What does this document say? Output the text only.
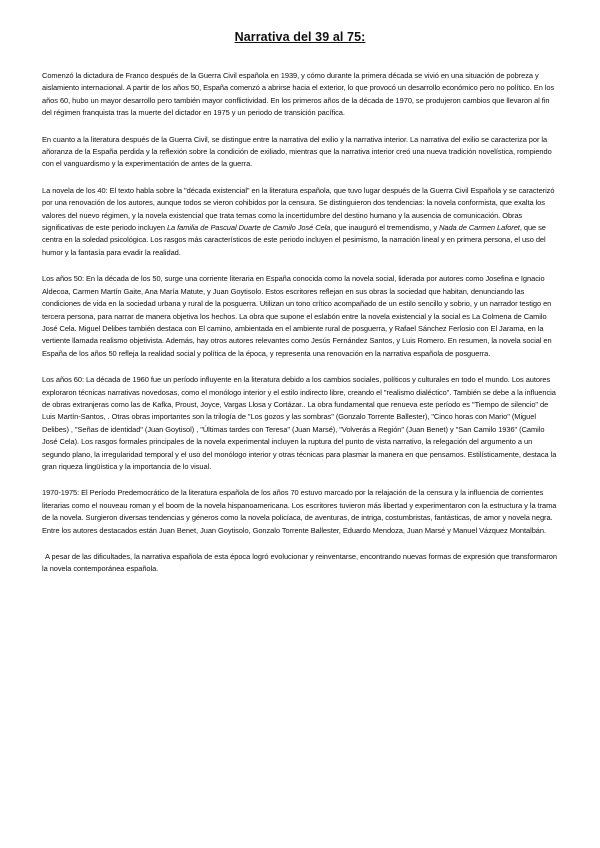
Narrativa del 39 al 75:

Comenzó la dictadura de Franco después de la Guerra Civil española en 1939, y cómo durante la primera década se vivió en una situación de pobreza y aislamiento internacional. A partir de los años 50, España comenzó a abrirse hacia el exterior, lo que provocó un desarrollo económico pero no político. En los años 60, hubo un mayor desarrollo pero también mayor conflictividad. En los primeros años de la década de 1970, se produjeron cambios que llevaron al fin del régimen franquista tras la muerte del dictador en 1975 y un periodo de transición pacífica.

En cuanto a la literatura después de la Guerra Civil, se distingue entre la narrativa del exilio y la narrativa interior. La narrativa del exilio se caracteriza por la añoranza de la España perdida y la reflexión sobre la condición de exiliado, mientras que la narrativa interior creó una nueva tradición novelística, rompiendo con el vanguardismo y la experimentación de antes de la guerra.

La novela de los 40: El texto habla sobre la "década existencial" en la literatura española, que tuvo lugar después de la Guerra Civil Española y se caracterizó por una renovación de los autores, aunque todos se vieron cohibidos por la censura. Se distinguieron dos tendencias: la novela conformista, que exalta los valores del nuevo régimen, y la novela existencial que trata temas como la incertidumbre del destino humano y la ausencia de comunicación. Obras significativas de este periodo incluyen La familia de Pascual Duarte de Camilo José Cela, que inauguró el tremendismo, y Nada de Carmen Laforet, que se centra en la soledad psicológica. Los rasgos más característicos de este periodo incluyen el pesimismo, la narración lineal y en primera persona, el uso del humor y la fantasía para evadir la realidad.

Los años 50: En la década de los 50, surge una corriente literaria en España conocida como la novela social, liderada por autores como Josefina e Ignacio Aldecoa, Carmen Martín Gaite, Ana María Matute, y Juan Goytisolo. Estos escritores reflejan en sus obras la sociedad que habitan, denunciando las condiciones de vida en la sociedad urbana y rural de la posguerra. Utilizan un tono crítico acompañado de un estilo sencillo y sobrio, y un narrador testigo en tercera persona, para narrar de manera objetiva los hechos. La obra que supone el eslabón entre la novela existencial y la social es La Colmena de Camilo José Cela. Miguel Delibes también destaca con El camino, ambientada en el ambiente rural de posguerra, y Rafael Sánchez Ferlosio con El Jarama, en la vertiente llamada realismo objetivista. Además, hay otros autores relevantes como Jesús Fernández Santos, y Luis Romero. En resumen, la novela social en España de los años 50 refleja la realidad social y política de la época, y representa una renovación en la narrativa española de posguerra.

Los años 60: La década de 1960 fue un período influyente en la literatura debido a los cambios sociales, políticos y culturales en todo el mundo. Los autores exploraron técnicas narrativas novedosas, como el monólogo interior y el estilo indirecto libre, creando el "realismo dialéctico". También se debe a la influencia de obras extranjeras como las de Kafka, Proust, Joyce, Vargas Llosa y Cortázar.. La obra fundamental que renueva este período es "Tiempo de silencio" de Luis Martín-Santos, . Otras obras importantes son la trilogía de "Los gozos y las sombras" (Gonzalo Torrente Ballester), "Cinco horas con Mario" (Miguel Delibes) , "Señas de identidad" (Juan Goytisol) , "Últimas tardes con Teresa" (Juan Marsé), "Volverás a Región" (Juan Benet) y "San Camilo 1936" (Camilo José Cela). Los rasgos formales principales de la novela experimental incluyen la ruptura del punto de vista narrativo, la relegación del argumento a un segundo plano, la irregularidad temporal y el uso del monólogo interior y otras técnicas para plasmar la manera en que pensamos. Estilísticamente, destaca la gran riqueza lingüística y la importancia de lo visual.

1970-1975: El Período Predemocrático de la literatura española de los años 70 estuvo marcado por la relajación de la censura y la influencia de corrientes literarias como el nouveau roman y el boom de la novela hispanoamericana. Los escritores tuvieron más libertad y experimentaron con la estructura y la trama de la novela. Surgieron diversas tendencias y géneros como la novela policíaca, de aventuras, de intriga, costumbristas, fantásticas, de amor y novela negra. Entre los autores destacados están Juan Benet, Juan Goytisolo, Gonzalo Torrente Ballester, Eduardo Mendoza, Juan Marsé y Manuel Vázquez Montalbán.

A pesar de las dificultades, la narrativa española de esta época logró evolucionar y reinventarse, encontrando nuevas formas de expresión que transformaron la novela contemporánea española.
